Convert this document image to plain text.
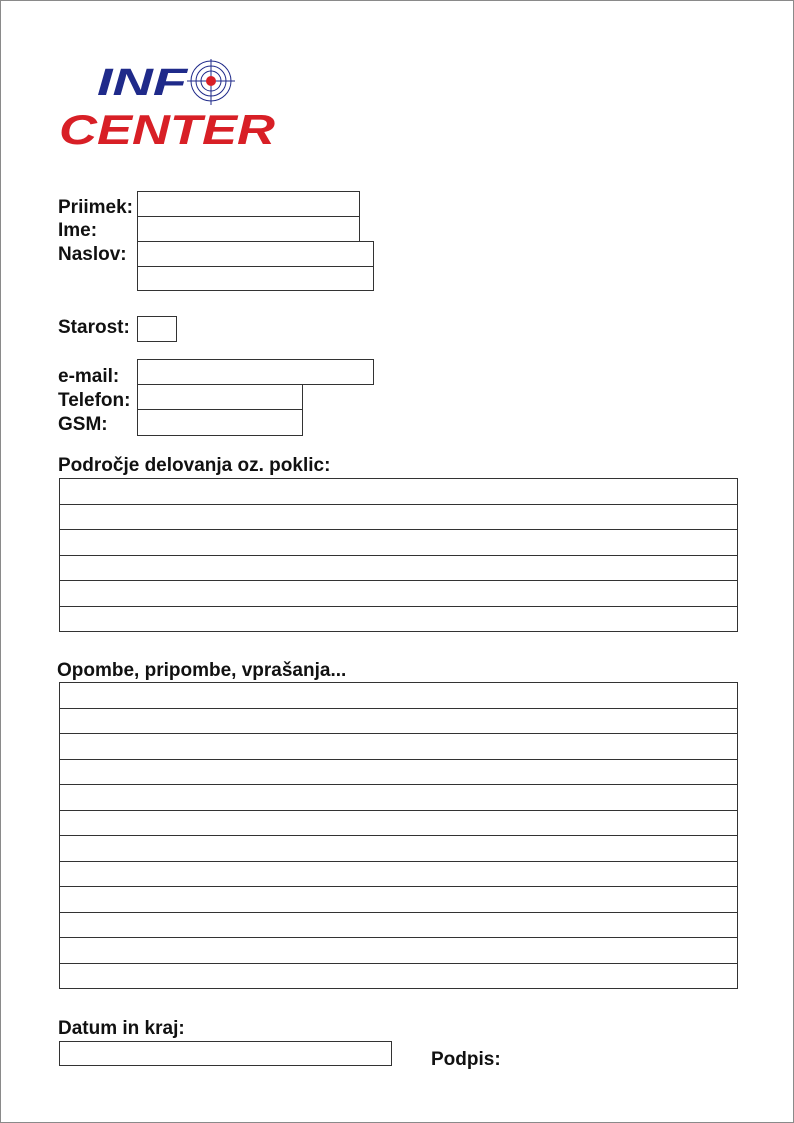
INF
CENTER
Priimek:
Ime:
Naslov:
Starost:
e-mail:
Telefon:
GSM:
Področje delovanja oz. poklic:
Opombe, pripombe, vprašanja...
Datum in kraj:
Podpis:
